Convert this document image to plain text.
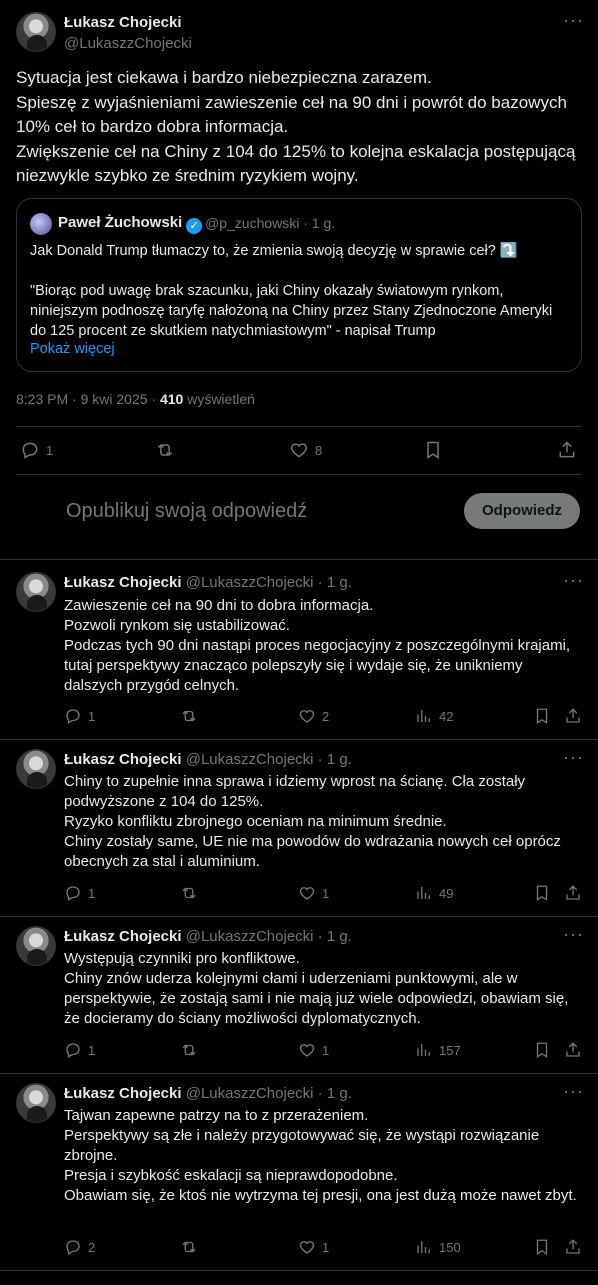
Łukasz Chojecki
@LukaszzChojecki
···
Sytuacja jest ciekawa i bardzo niebezpieczna zarazem.
Spieszę z wyjaśnieniami zawieszenie ceł na 90 dni i powrót do bazowych 10% ceł to bardzo dobra informacja.
Zwiększenie ceł na Chiny z 104 do 125% to kolejna eskalacja postępującą niezwykle szybko ze średnim ryzykiem wojny.
Paweł Żuchowski ✓ @p_zuchowski · 1 g.
Jak Donald Trump tłumaczy to, że zmienia swoją decyzję w sprawie ceł? ⤵️

"Biorąc pod uwagę brak szacunku, jaki Chiny okazały światowym rynkom, niniejszym podnoszę taryfę nałożoną na Chiny przez Stany Zjednoczone Ameryki do 125 procent ze skutkiem natychmiastowym" - napisał Trump
Pokaż więcej
8:23 PM · 9 kwi 2025 · 410 wyświetleń
1	8
Opublikuj swoją odpowiedź	Odpowiedz
Łukasz Chojecki @LukaszzChojecki · 1 g.	···
Zawieszenie ceł na 90 dni to dobra informacja.
Pozwoli rynkom się ustabilizować.
Podczas tych 90 dni nastąpi proces negocjacyjny z poszczególnymi krajami, tutaj perspektywy znacząco polepszyły się i wydaje się, że unikniemy dalszych przygód celnych.
1	2	42
Łukasz Chojecki @LukaszzChojecki · 1 g.	···
Chiny to zupełnie inna sprawa i idziemy wprost na ścianę. Cła zostały podwyższone z 104 do 125%.
Ryzyko konfliktu zbrojnego oceniam na minimum średnie.
Chiny zostały same, UE nie ma powodów do wdrażania nowych ceł oprócz obecnych za stal i aluminium.
1	1	49
Łukasz Chojecki @LukaszzChojecki · 1 g.	···
Występują czynniki pro konfliktowe.
Chiny znów uderza kolejnymi cłami i uderzeniami punktowymi, ale w perspektywie, że zostają sami i nie mają już wiele odpowiedzi, obawiam się, że docieramy do ściany możliwości dyplomatycznych.
1	1	157
Łukasz Chojecki @LukaszzChojecki · 1 g.	···
Tajwan zapewne patrzy na to z przerażeniem.
Perspektywy są złe i należy przygotowywać się, że wystąpi rozwiązanie zbrojne.
Presja i szybkość eskalacji są nieprawdopodobne.
Obawiam się, że ktoś nie wytrzyma tej presji, ona jest dużą może nawet zbyt.
2	1	150
